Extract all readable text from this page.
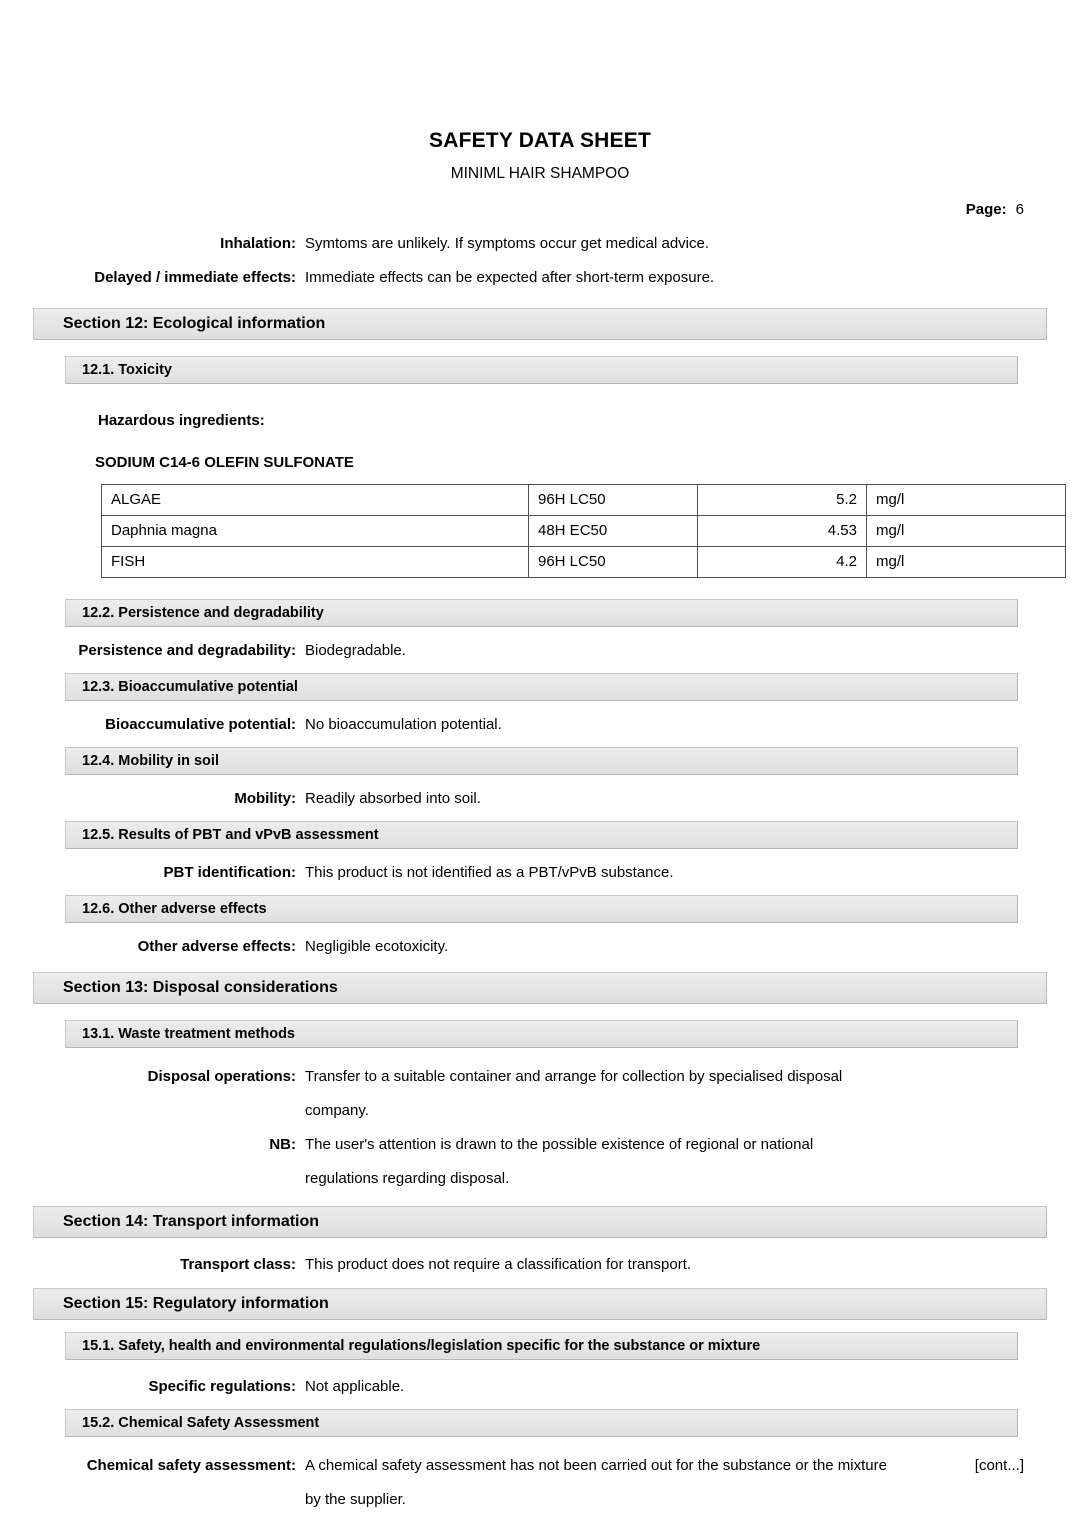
SAFETY DATA SHEET
MINIML HAIR SHAMPOO
Page: 6
Inhalation: Symtoms are unlikely. If symptoms occur get medical advice.
Delayed / immediate effects: Immediate effects can be expected after short-term exposure.
Section 12: Ecological information
12.1. Toxicity
Hazardous ingredients:
SODIUM C14-6 OLEFIN SULFONATE
ALGAE	96H LC50	5.2	mg/l
Daphnia magna	48H EC50	4.53	mg/l
FISH	96H LC50	4.2	mg/l
12.2. Persistence and degradability
Persistence and degradability: Biodegradable.
12.3. Bioaccumulative potential
Bioaccumulative potential: No bioaccumulation potential.
12.4. Mobility in soil
Mobility: Readily absorbed into soil.
12.5. Results of PBT and vPvB assessment
PBT identification: This product is not identified as a PBT/vPvB substance.
12.6. Other adverse effects
Other adverse effects: Negligible ecotoxicity.
Section 13: Disposal considerations
13.1. Waste treatment methods
Disposal operations: Transfer to a suitable container and arrange for collection by specialised disposal
company.
NB: The user's attention is drawn to the possible existence of regional or national
regulations regarding disposal.
Section 14: Transport information
Transport class: This product does not require a classification for transport.
Section 15: Regulatory information
15.1. Safety, health and environmental regulations/legislation specific for the substance or mixture
Specific regulations: Not applicable.
15.2. Chemical Safety Assessment
Chemical safety assessment: A chemical safety assessment has not been carried out for the substance or the mixture
by the supplier.
[cont...]
